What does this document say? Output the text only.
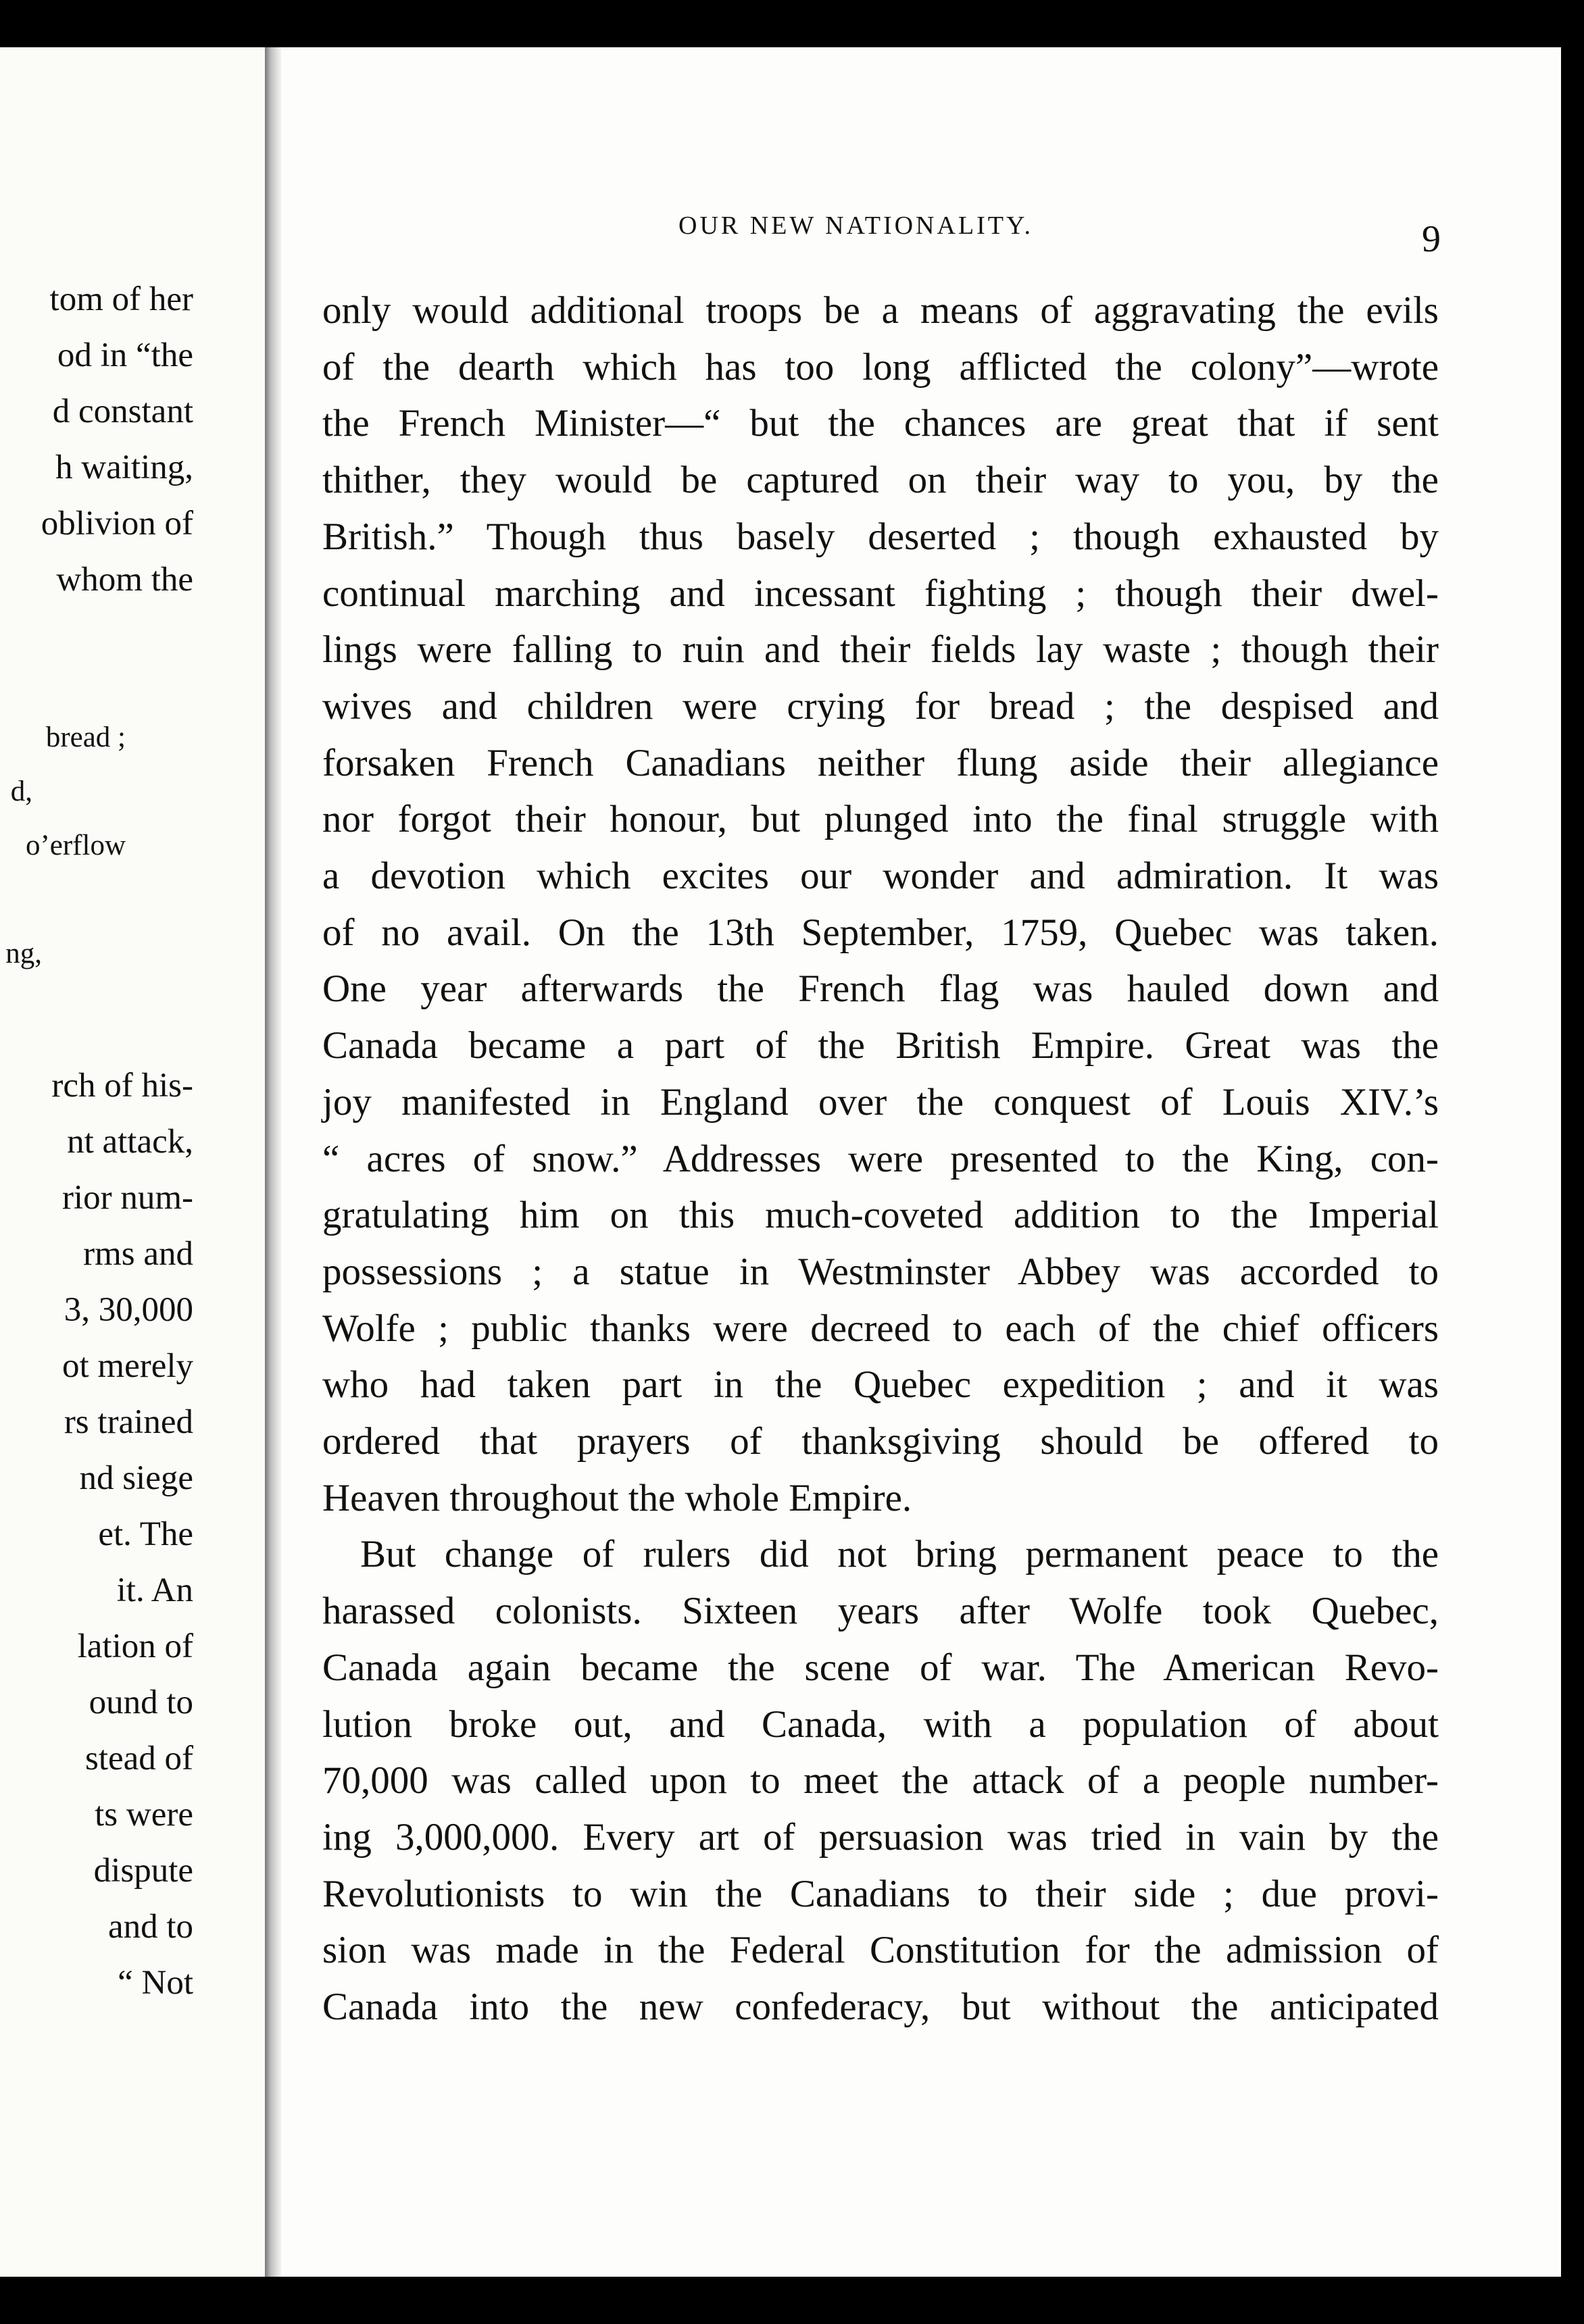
tom of her
od in “the
d constant
h waiting,
oblivion of
whom the
bread ;
d,
o’erflow
ng,
rch of his-
nt attack,
rior num-
rms and
3, 30,000
ot merely
rs trained
nd siege
et. The
it. An
lation of
ound to
stead of
ts were
dispute
and to
“ Not
OUR NEW NATIONALITY.	9
only would additional troops be a means of aggravating the evils
of the dearth which has too long afflicted the colony”—wrote
the French Minister—“ but the chances are great that if sent
thither, they would be captured on their way to you, by the
British.” Though thus basely deserted ; though exhausted by
continual marching and incessant fighting ; though their dwel-
lings were falling to ruin and their fields lay waste ; though their
wives and children were crying for bread ; the despised and
forsaken French Canadians neither flung aside their allegiance
nor forgot their honour, but plunged into the final struggle with
a devotion which excites our wonder and admiration. It was
of no avail. On the 13th September, 1759, Quebec was taken.
One year afterwards the French flag was hauled down and
Canada became a part of the British Empire. Great was the
joy manifested in England over the conquest of Louis XIV.’s
“ acres of snow.” Addresses were presented to the King, con-
gratulating him on this much-coveted addition to the Imperial
possessions ; a statue in Westminster Abbey was accorded to
Wolfe ; public thanks were decreed to each of the chief officers
who had taken part in the Quebec expedition ; and it was
ordered that prayers of thanksgiving should be offered to
Heaven throughout the whole Empire.
But change of rulers did not bring permanent peace to the
harassed colonists. Sixteen years after Wolfe took Quebec,
Canada again became the scene of war. The American Revo-
lution broke out, and Canada, with a population of about
70,000 was called upon to meet the attack of a people number-
ing 3,000,000. Every art of persuasion was tried in vain by the
Revolutionists to win the Canadians to their side ; due provi-
sion was made in the Federal Constitution for the admission of
Canada into the new confederacy, but without the anticipated
